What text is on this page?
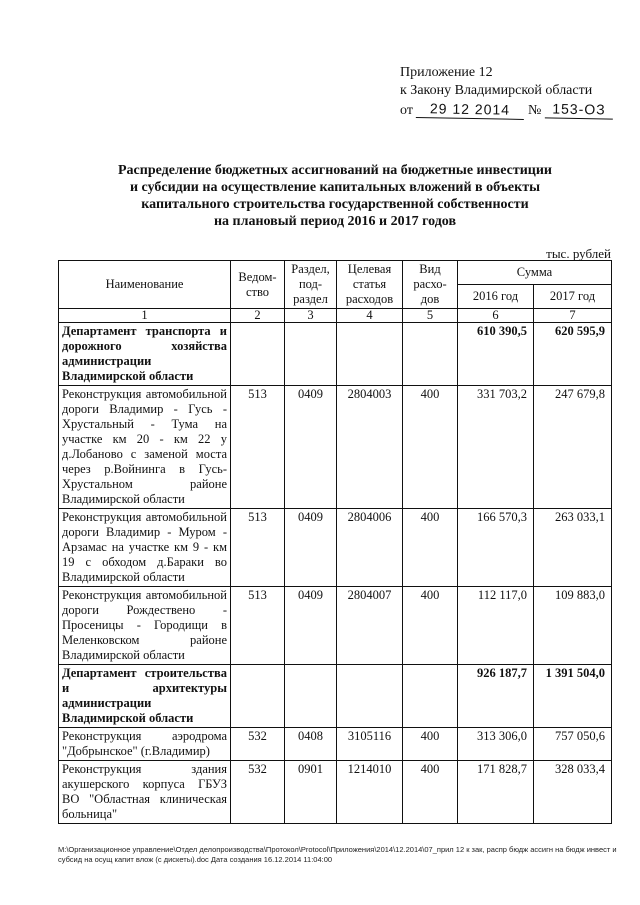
Приложение 12
к Закону Владимирской области
от 29 12 2014 № 153-ОЗ
Распределение бюджетных ассигнований на бюджетные инвестиции
и субсидии на осуществление капитальных вложений в объекты
капитального строительства государственной собственности
на плановый период 2016 и 2017 годов
тыс. рублей
Наименование	Ведом-ство	Раздел, под-раздел	Целевая статья расходов	Вид расхо-дов	Сумма	
					2016 год	2017 год
1	2	3	4	5	6	7
Департамент транспорта и дорожного хозяйства администрации Владимирской области					610 390,5	620 595,9
Реконструкция автомобильной дороги Владимир - Гусь - Хрустальный - Тума на участке км 20 - км 22 у д.Лобаново с заменой моста через р.Войнинга в Гусь-Хрустальном районе Владимирской области	513	0409	2804003	400	331 703,2	247 679,8
Реконструкция автомобильной дороги Владимир - Муром - Арзамас на участке км 9 - км 19 с обходом д.Бараки во Владимирской области	513	0409	2804006	400	166 570,3	263 033,1
Реконструкция автомобильной дороги Рождествено - Просеницы - Городищи в Меленковском районе Владимирской области	513	0409	2804007	400	112 117,0	109 883,0
Департамент строительства и архитектуры администрации Владимирской области					926 187,7	1 391 504,0
Реконструкция аэродрома "Добрынское" (г.Владимир)	532	0408	3105116	400	313 306,0	757 050,6
Реконструкция здания акушерского корпуса ГБУЗ ВО "Областная клиническая больница"	532	0901	1214010	400	171 828,7	328 033,4
М:\Организационное управление\Отдел делопроизводства\Протокол\Protocol\Приложения\2014\12.2014\07_прил 12 к зак, распр бюдж ассигн на бюдж инвест и субсид на осущ капит влож (с дискеты).doc Дата создания 16.12.2014 11:04:00
